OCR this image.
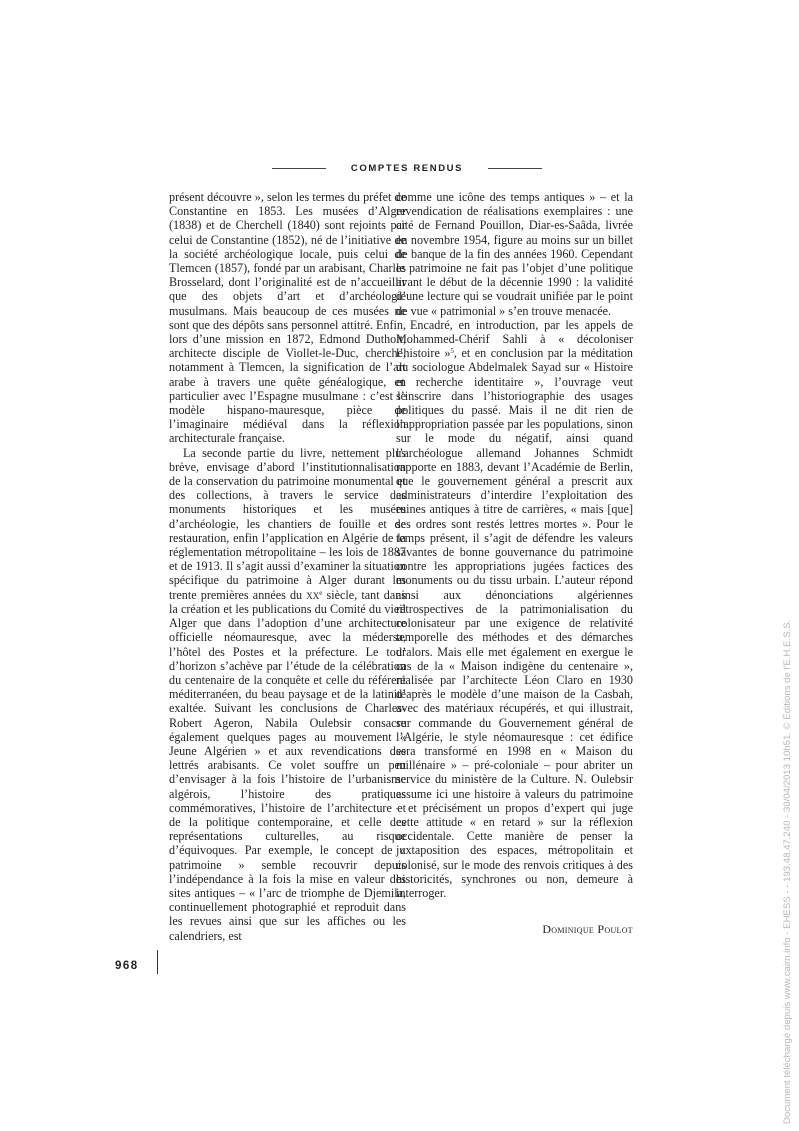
COMPTES RENDUS

présent découvre », selon les termes du préfet de Constantine en 1853. Les musées d’Alger (1838) et de Cherchell (1840) sont rejoints par celui de Constantine (1852), né de l’initiative de la société archéologique locale, puis celui de Tlemcen (1857), fondé par un arabisant, Charles Brosselard, dont l’originalité est de n’accueillir que des objets d’art et d’archéologie musulmans. Mais beaucoup de ces musées ne sont que des dépôts sans personnel attitré. Enfin, lors d’une mission en 1872, Edmond Duthoit, architecte disciple de Viollet-le-Duc, cherche, notamment à Tlemcen, la signification de l’art arabe à travers une quête généalogique, en particulier avec l’Espagne musulmane : c’est le modèle hispano-mauresque, pièce de l’imaginaire médiéval dans la réflexion architecturale française.

La seconde partie du livre, nettement plus brève, envisage d’abord l’institutionnalisation de la conservation du patrimoine monumental et des collections, à travers le service des monuments historiques et les musées d’archéologie, les chantiers de fouille et de restauration, enfin l’application en Algérie de la réglementation métropolitaine – les lois de 1887 et de 1913. Il s’agit aussi d’examiner la situation spécifique du patrimoine à Alger durant les trente premières années du $xx^e$ siècle, tant dans la création et les publications du Comité du vieil Alger que dans l’adoption d’une architecture officielle néomauresque, avec la médersa, l’hôtel des Postes et la préfecture. Le tour d’horizon s’achève par l’étude de la célébration du centenaire de la conquête et celle du référent méditerranéen, du beau paysage et de la latinité exaltée. Suivant les conclusions de Charles-Robert Ageron, Nabila Oulebsir consacre également quelques pages au mouvement « Jeune Algérien » et aux revendications des lettrés arabisants. Ce volet souffre un peu d’envisager à la fois l’histoire de l’urbanisme algérois, l’histoire des pratiques commémoratives, l’histoire de l’architecture et de la politique contemporaine, et celle des représentations culturelles, au risque d’équivoques. Par exemple, le concept de « patrimoine » semble recouvrir depuis l’indépendance à la fois la mise en valeur des sites antiques – « l’arc de triomphe de Djemila, continuellement photographié et reproduit dans les revues ainsi que sur les affiches ou les calendriers, est

comme une icône des temps antiques » – et la revendication de réalisations exemplaires : une cité de Fernand Pouillon, Diar-es-Saâda, livrée en novembre 1954, figure au moins sur un billet de banque de la fin des années 1960. Cependant le patrimoine ne fait pas l’objet d’une politique avant le début de la décennie 1990 : la validité d’une lecture qui se voudrait unifiée par le point de vue « patrimonial » s’en trouve menacée.

Encadré, en introduction, par les appels de Mohammed-Chérif Sahli à « décoloniser l’histoire »$^5$, et en conclusion par la méditation du sociologue Abdelmalek Sayad sur « Histoire et recherche identitaire », l’ouvrage veut s’inscrire dans l’historiographie des usages politiques du passé. Mais il ne dit rien de l’appropriation passée par les populations, sinon sur le mode du négatif, ainsi quand l’archéologue allemand Johannes Schmidt rapporte en 1883, devant l’Académie de Berlin, que le gouvernement général a prescrit aux administrateurs d’interdire l’exploitation des ruines antiques à titre de carrières, « mais [que] ses ordres sont restés lettres mortes ». Pour le temps présent, il s’agit de défendre les valeurs savantes de bonne gouvernance du patrimoine contre les appropriations jugées factices des monuments ou du tissu urbain. L’auteur répond ainsi aux dénonciations algériennes rétrospectives de la patrimonialisation du colonisateur par une exigence de relativité temporelle des méthodes et des démarches d’alors. Mais elle met également en exergue le cas de la « Maison indigène du centenaire », réalisée par l’architecte Léon Claro en 1930 d’après le modèle d’une maison de la Casbah, avec des matériaux récupérés, et qui illustrait, sur commande du Gouvernement général de l’Algérie, le style néomauresque : cet édifice sera transformé en 1998 en « Maison du millénaire » – pré-coloniale – pour abriter un service du ministère de la Culture. N. Oulebsir assume ici une histoire à valeurs du patrimoine – et précisément un propos d’expert qui juge cette attitude « en retard » sur la réflexion occidentale. Cette manière de penser la juxtaposition des espaces, métropolitain et colonisé, sur le mode des renvois critiques à des historicités, synchrones ou non, demeure à interroger.

Dominique Poulot
968	Document téléchargé depuis www.cairn.info - EHESS - - 193.48.47.240 - 30/04/2013 10h51. © Éditions de l'E.H.E.S.S.
